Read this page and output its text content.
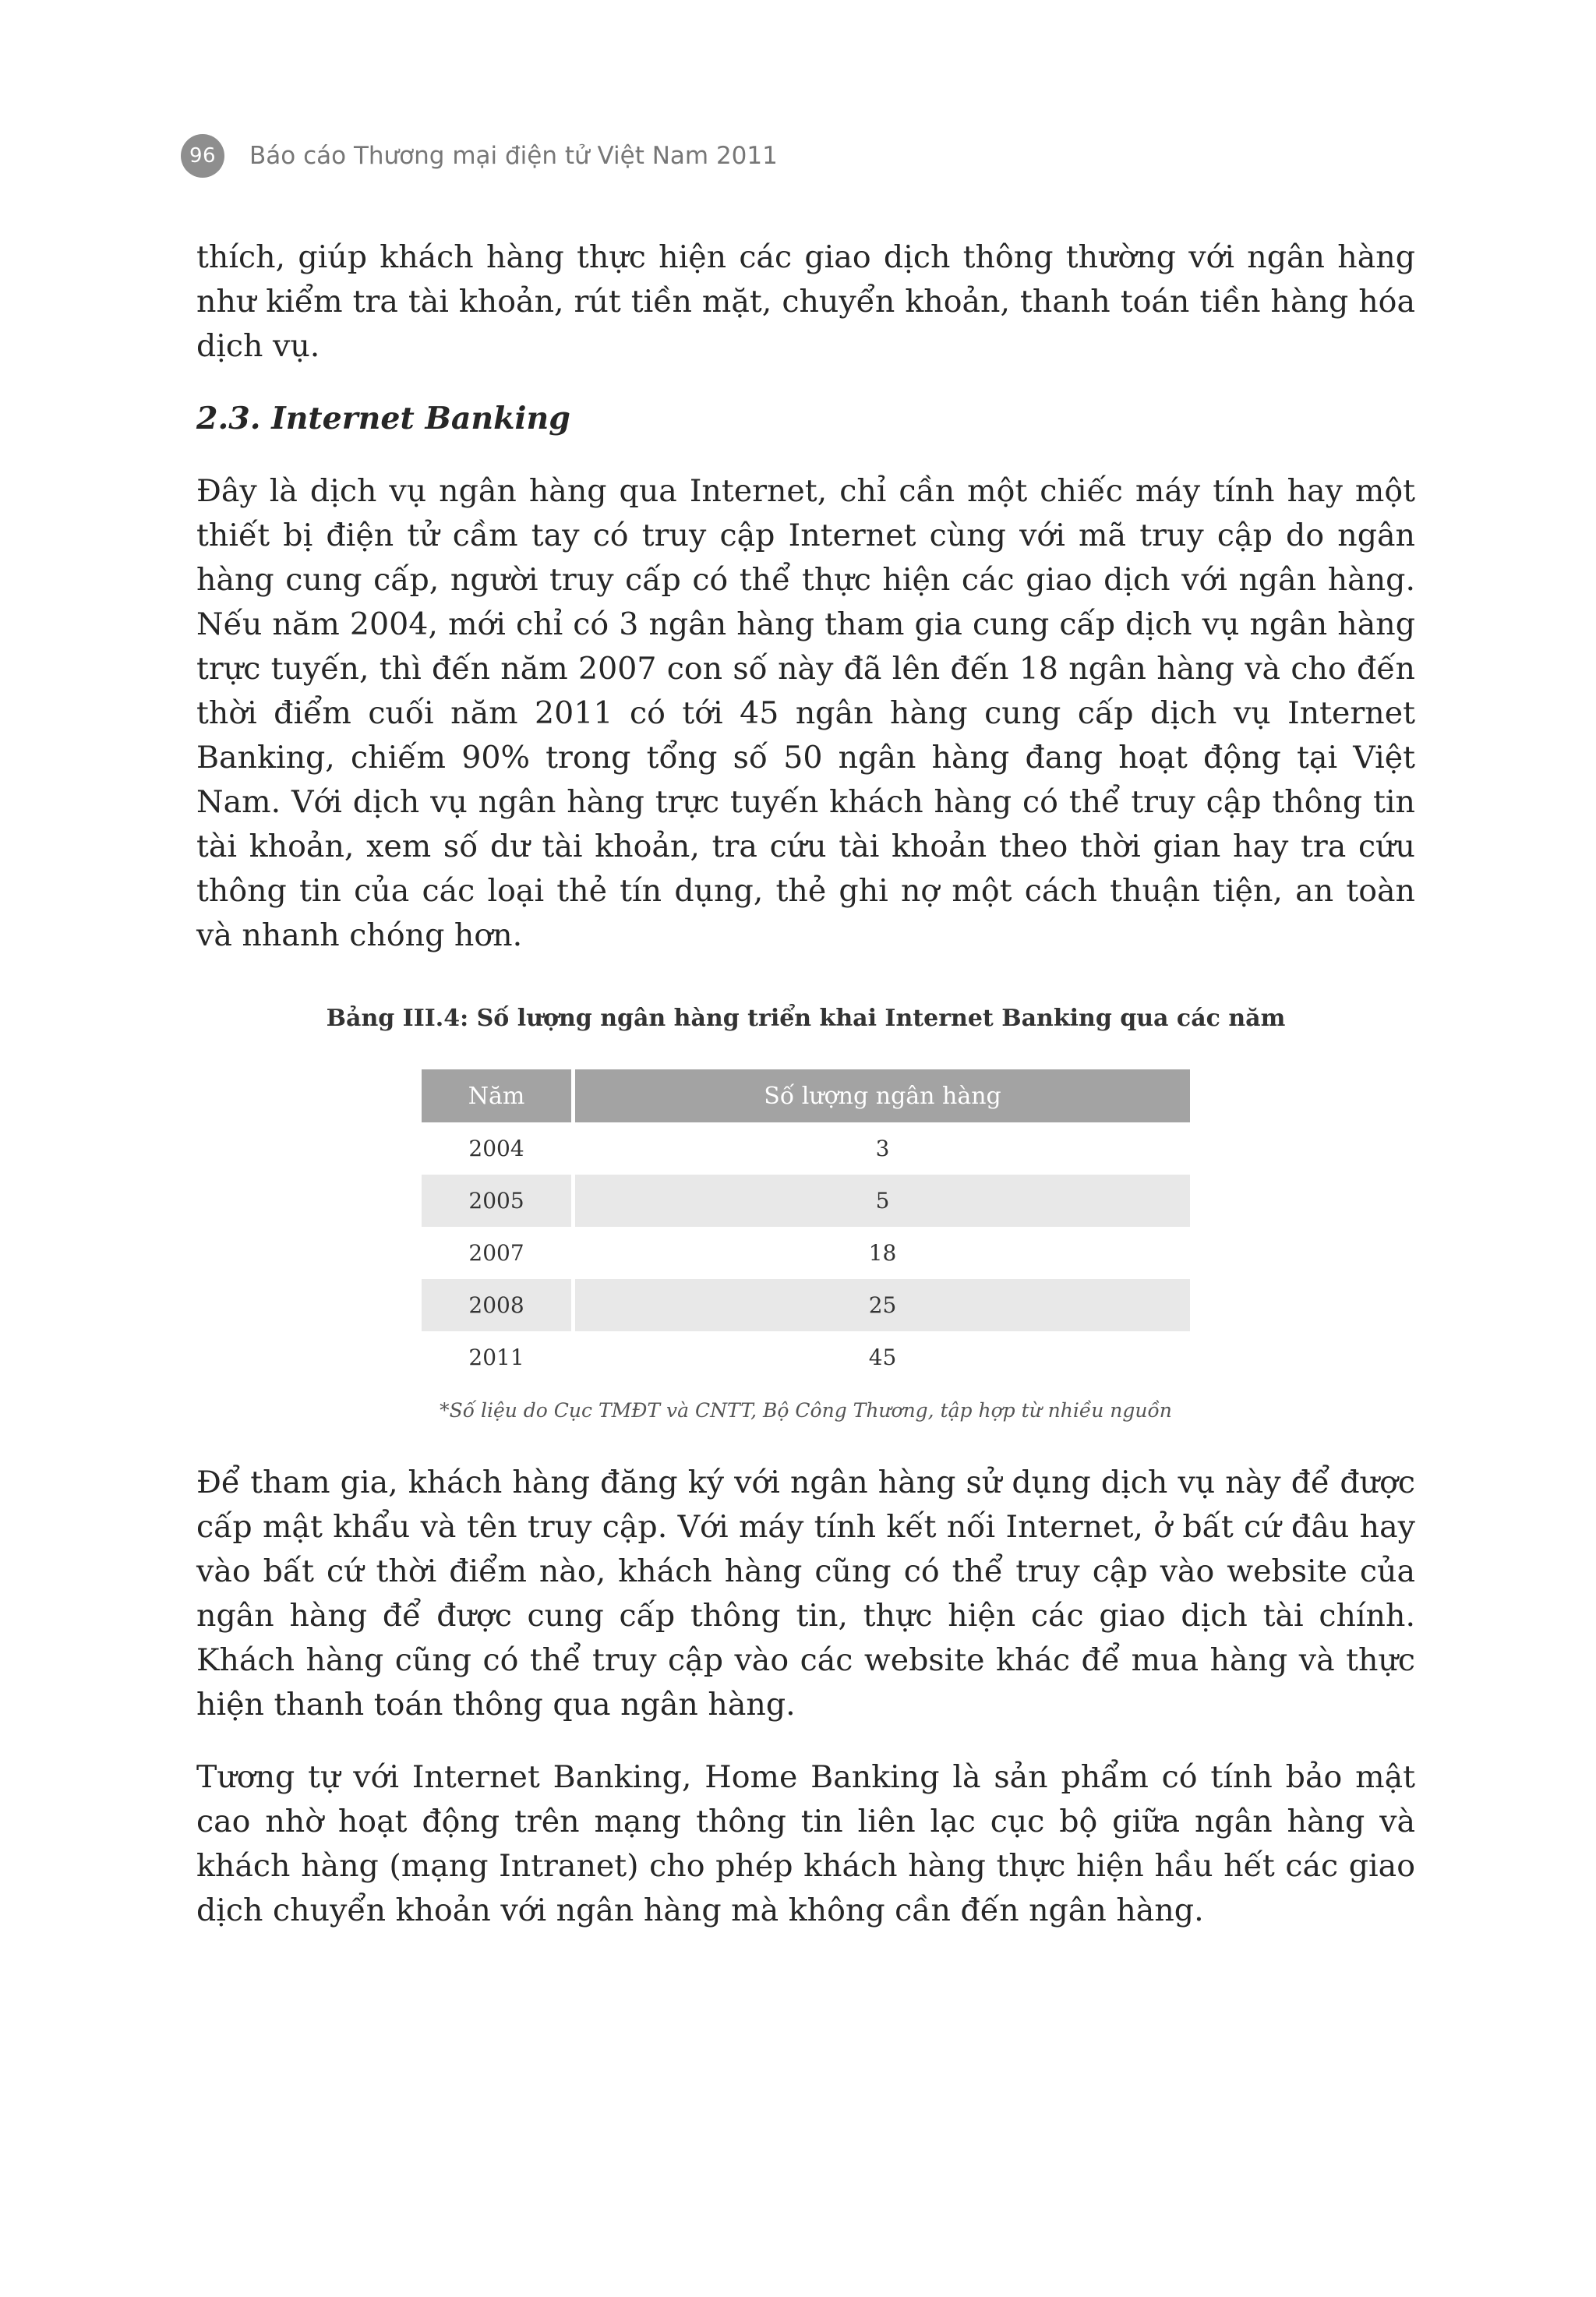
96	Báo cáo Thương mại điện tử Việt Nam 2011

thích, giúp khách hàng thực hiện các giao dịch thông thường với ngân hàng như kiểm tra tài khoản, rút tiền mặt, chuyển khoản, thanh toán tiền hàng hóa dịch vụ.

2.3. Internet Banking

Đây là dịch vụ ngân hàng qua Internet, chỉ cần một chiếc máy tính hay một thiết bị điện tử cầm tay có truy cập Internet cùng với mã truy cập do ngân hàng cung cấp, người truy cấp có thể thực hiện các giao dịch với ngân hàng. Nếu năm 2004, mới chỉ có 3 ngân hàng tham gia cung cấp dịch vụ ngân hàng trực tuyến, thì đến năm 2007 con số này đã lên đến 18 ngân hàng và cho đến thời điểm cuối năm 2011 có tới 45 ngân hàng cung cấp dịch vụ Internet Banking, chiếm 90% trong tổng số 50 ngân hàng đang hoạt động tại Việt Nam. Với dịch vụ ngân hàng trực tuyến khách hàng có thể truy cập thông tin tài khoản, xem số dư tài khoản, tra cứu tài khoản theo thời gian hay tra cứu thông tin của các loại thẻ tín dụng, thẻ ghi nợ một cách thuận tiện, an toàn và nhanh chóng hơn.

Bảng III.4: Số lượng ngân hàng triển khai Internet Banking qua các năm

Năm	Số lượng ngân hàng
2004	3
2005	5
2007	18
2008	25
2011	45

*Số liệu do Cục TMĐT và CNTT, Bộ Công Thương, tập hợp từ nhiều nguồn

Để tham gia, khách hàng đăng ký với ngân hàng sử dụng dịch vụ này để được cấp mật khẩu và tên truy cập. Với máy tính kết nối Internet, ở bất cứ đâu hay vào bất cứ thời điểm nào, khách hàng cũng có thể truy cập vào website của ngân hàng để được cung cấp thông tin, thực hiện các giao dịch tài chính. Khách hàng cũng có thể truy cập vào các website khác để mua hàng và thực hiện thanh toán thông qua ngân hàng.

Tương tự với Internet Banking, Home Banking là sản phẩm có tính bảo mật cao nhờ hoạt động trên mạng thông tin liên lạc cục bộ giữa ngân hàng và khách hàng (mạng Intranet) cho phép khách hàng thực hiện hầu hết các giao dịch chuyển khoản với ngân hàng mà không cần đến ngân hàng.
